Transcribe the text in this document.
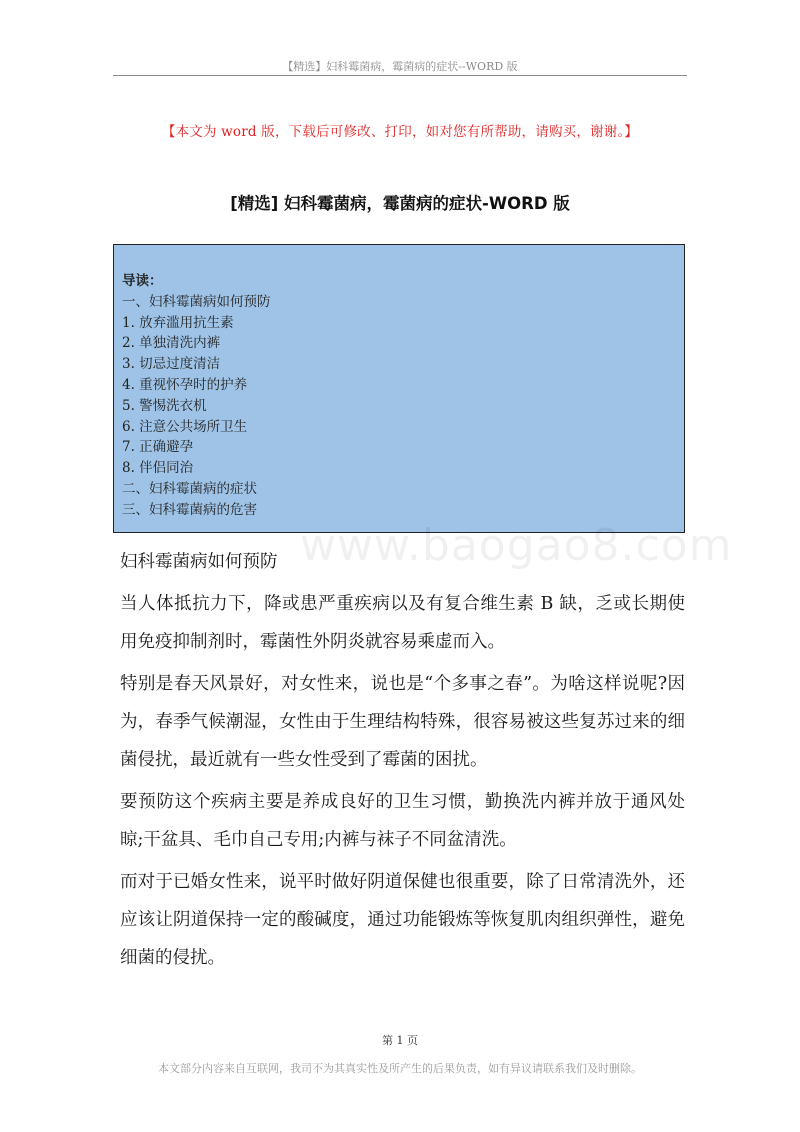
【精选】妇科霉菌病，霉菌病的症状--WORD 版
【本文为 word 版，下载后可修改、打印，如对您有所帮助，请购买，谢谢。】
[精选] 妇科霉菌病，霉菌病的症状-WORD 版
导读：
一、妇科霉菌病如何预防
1. 放弃滥用抗生素
2. 单独清洗内裤
3. 切忌过度清洁
4. 重视怀孕时的护养
5. 警惕洗衣机
6. 注意公共场所卫生
7. 正确避孕
8. 伴侣同治
二、妇科霉菌病的症状
三、妇科霉菌病的危害
www.baogao8.com
妇科霉菌病如何预防

当人体抵抗力下，降或患严重疾病以及有复合维生素 B 缺，乏或长期使用免疫抑制剂时，霉菌性外阴炎就容易乘虚而入。

特别是春天风景好，对女性来，说也是“个多事之春”。为啥这样说呢?因为，春季气候潮湿，女性由于生理结构特殊，很容易被这些复苏过来的细菌侵扰，最近就有一些女性受到了霉菌的困扰。

要预防这个疾病主要是养成良好的卫生习惯，勤换洗内裤并放于通风处晾;干盆具、毛巾自己专用;内裤与袜子不同盆清洗。

而对于已婚女性来，说平时做好阴道保健也很重要，除了日常清洗外，还应该让阴道保持一定的酸碱度，通过功能锻炼等恢复肌肉组织弹性，避免细菌的侵扰。

第 1 页
本文部分内容来自互联网，我司不为其真实性及所产生的后果负责，如有异议请联系我们及时删除。
